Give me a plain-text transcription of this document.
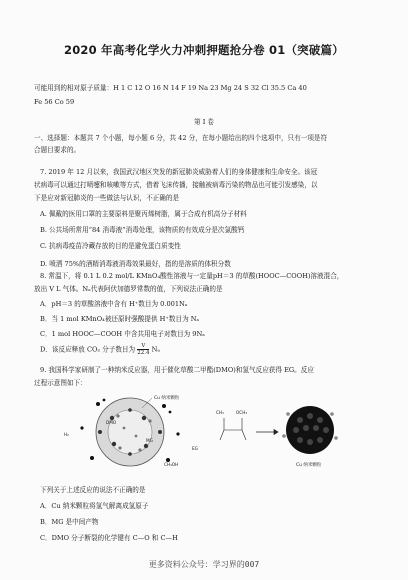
2020 年高考化学火力冲刺押题抢分卷 01（突破篇）
可能用到的相对原子质量：H 1 C 12 O 16 N 14 F 19 Na 23 Mg 24 S 32 Cl 35.5 Ca 40
Fe 56 Co 59
第 I 卷
一、选择题：本题共 7 个小题，每小题 6 分，共 42 分，在每小题给出的四个选项中，只有一项是符
合题目要求的。
7. 2019 年 12 月以来，我国武汉地区突发的新冠肺炎威胁着人们的身体健康和生命安全。该冠
状病毒可以通过打喷嚏和咳嗽等方式，借着飞沫传播，接触被病毒污染的物品也可能引发感染，以
下是应对新冠肺炎的一些做法与认识，不正确的是
A. 佩戴的医用口罩的主要原料是聚丙烯树脂，属于合成有机高分子材料
B. 公共场所常用“84 消毒液”消毒处理，该物质的有效成分是次氯酸钙
C. 抗病毒疫苗冷藏存放的目的是避免蛋白质变性
D. 喷洒 75%的酒精消毒液消毒效果最好，指的是溶质的体积分数
8. 常温下，将 0.1 L 0.2 mol/L KMnO₄酸性溶液与一定量pH＝3 的草酸(HOOC—COOH)溶液混合，
放出 V L 气体。Nₐ代表阿伏加德罗常数的值，下列说法正确的是
A．pH＝3 的草酸溶液中含有 H⁺数目为 0.001Nₐ
B．当 1 mol KMnO₄被还原时强酸提供 H⁺数目为 Nₐ
C．1 mol HOOC—COOH 中含共用电子对数目为 9Nₐ
D．该反应释放 CO₂ 分子数目为 $\frac{V}{22.4}$ Nₐ
9. 我国科学家研制了一种纳米反应器，用于催化草酸二甲酯(DMO)和氢气反应获得 EG。反应
过程示意图如下：
Cu 纳米颗粒
DMO
MG
H₂
CH₃OH
EG
CH₃	OCH₃
Cu 纳米颗粒
下列关于上述反应的说法不正确的是
A．Cu 纳米颗粒将氢气解离成氢原子
B．MG 是中间产物
C．DMO 分子断裂的化学键有 C—O 和 C—H
更多资料公众号：学习界的007
